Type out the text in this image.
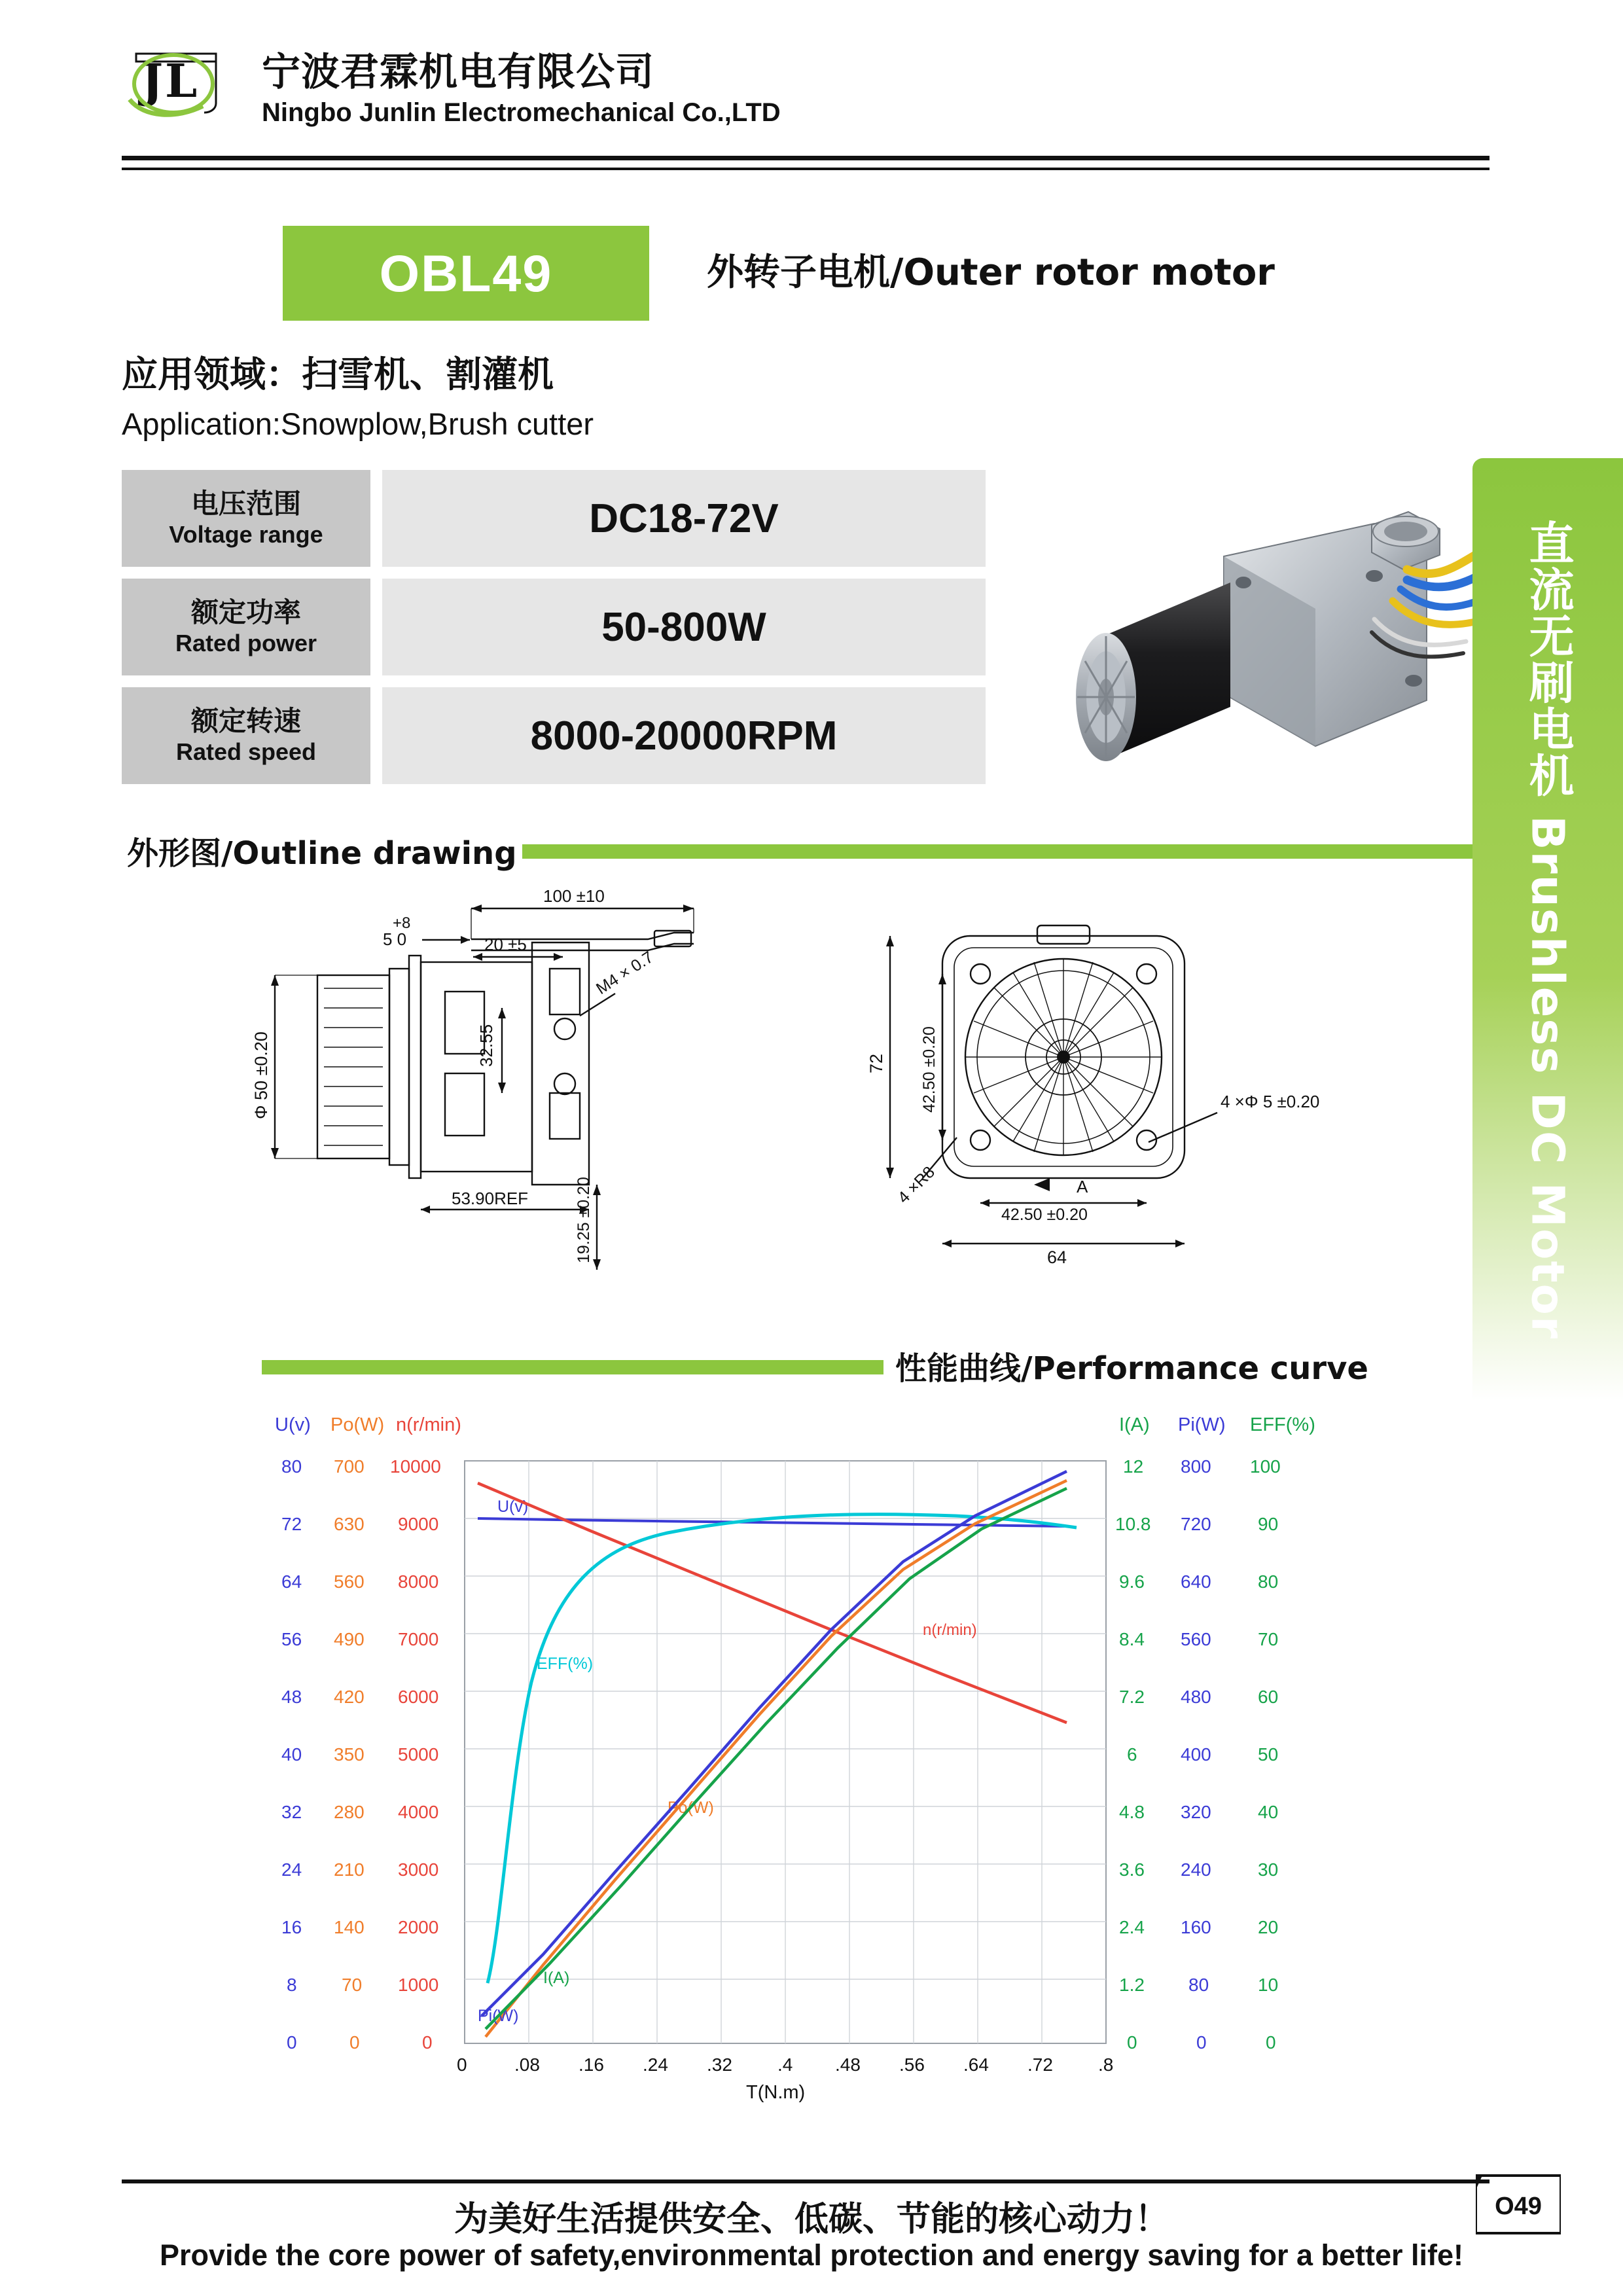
J L 宁波君霖机电有限公司
Ningbo Junlin Electromechanical Co.,LTD
OBL49	外转子电机/Outer rotor motor
应用领域：扫雪机、割灌机
Application:Snowplow,Brush cutter
电压范围
Voltage range	DC18-72V
额定功率
Rated power	50-800W
额定转速
Rated speed	8000-20000RPM	直流无刷电机 Brushless DC Motor
外形图/Outline drawing
100 ±10
20 ±5
+8
5 0
32.55
M4 × 0.7
53.90REF	19.25 ±0.20
Φ 50 ±0.20	72 42.50 ±0.20	4 ×Φ 5 ±0.20
4 ×R8
42.50 ±0.20
A
64
性能曲线/Performance curve
U(v) Po(W) n(r/min)	I(A) Pi(W) EFF(%)
80
72
64
56
48
40
32
24
16
8
0
700
630
560
490
420
350
280
210
140
70
0
10000
9000
8000
7000
6000
5000
4000
3000
2000
1000
0
12
10.8
9.6
8.4
7.2
6
4.8
3.6
2.4
1.2
0
800
720
640
560
480
400
320
240
160
80
0
100
90
80
70
60
50
40
30
20
10
0
U(v)
n(r/min)
EFF(%)
Po(W)
Pi(W)
I(A)
0	.08 .16 .24 .32 .4 .48 .56 .64 .72 .8
T(N.m)
为美好生活提供安全、低碳、节能的核心动力！
Provide the core power of safety,environmental protection and energy saving for a better life!
O49
